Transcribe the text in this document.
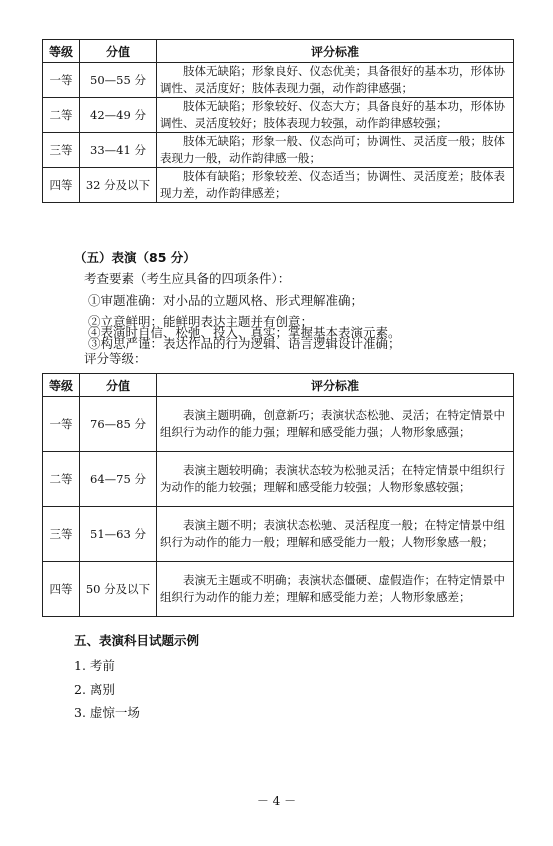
等级	分值	评分标准
一等	50—55 分	肢体无缺陷；形象良好、仪态优美；具备很好的基本功，形体协调性、灵活度好；肢体表现力强，动作韵律感强；
二等	42—49 分	肢体无缺陷；形象较好、仪态大方；具备良好的基本功，形体协调性、灵活度较好；肢体表现力较强，动作韵律感较强；
三等	33—41 分	肢体无缺陷；形象一般、仪态尚可；协调性、灵活度一般；肢体表现力一般，动作韵律感一般；
四等	32 分及以下	肢体有缺陷；形象较差、仪态适当；协调性、灵活度差；肢体表现力差，动作韵律感差；
（五）表演（85 分）
考查要素（考生应具备的四项条件）：
①审题准确：对小品的立题风格、形式理解准确；
②立意鲜明：能鲜明表达主题并有创意；
③构思严谨：表达作品的行为逻辑、语言逻辑设计准确；
④表演时自信、松弛、投入、真实；掌握基本表演元素。
评分等级：
等级	分值	评分标准
一等	76—85 分	表演主题明确，创意新巧；表演状态松驰、灵活；在特定情景中组织行为动作的能力强；理解和感受能力强；人物形象感强；
二等	64—75 分	表演主题较明确；表演状态较为松驰灵活；在特定情景中组织行为动作的能力较强；理解和感受能力较强；人物形象感较强；
三等	51—63 分	表演主题不明；表演状态松驰、灵活程度一般；在特定情景中组织行为动作的能力一般；理解和感受能力一般；人物形象感一般；
四等	50 分及以下	表演无主题或不明确；表演状态僵硬、虚假造作；在特定情景中组织行为动作的能力差；理解和感受能力差；人物形象感差；
五、表演科目试题示例
1. 考前
2. 离别
3. 虚惊一场
－ 4 －
